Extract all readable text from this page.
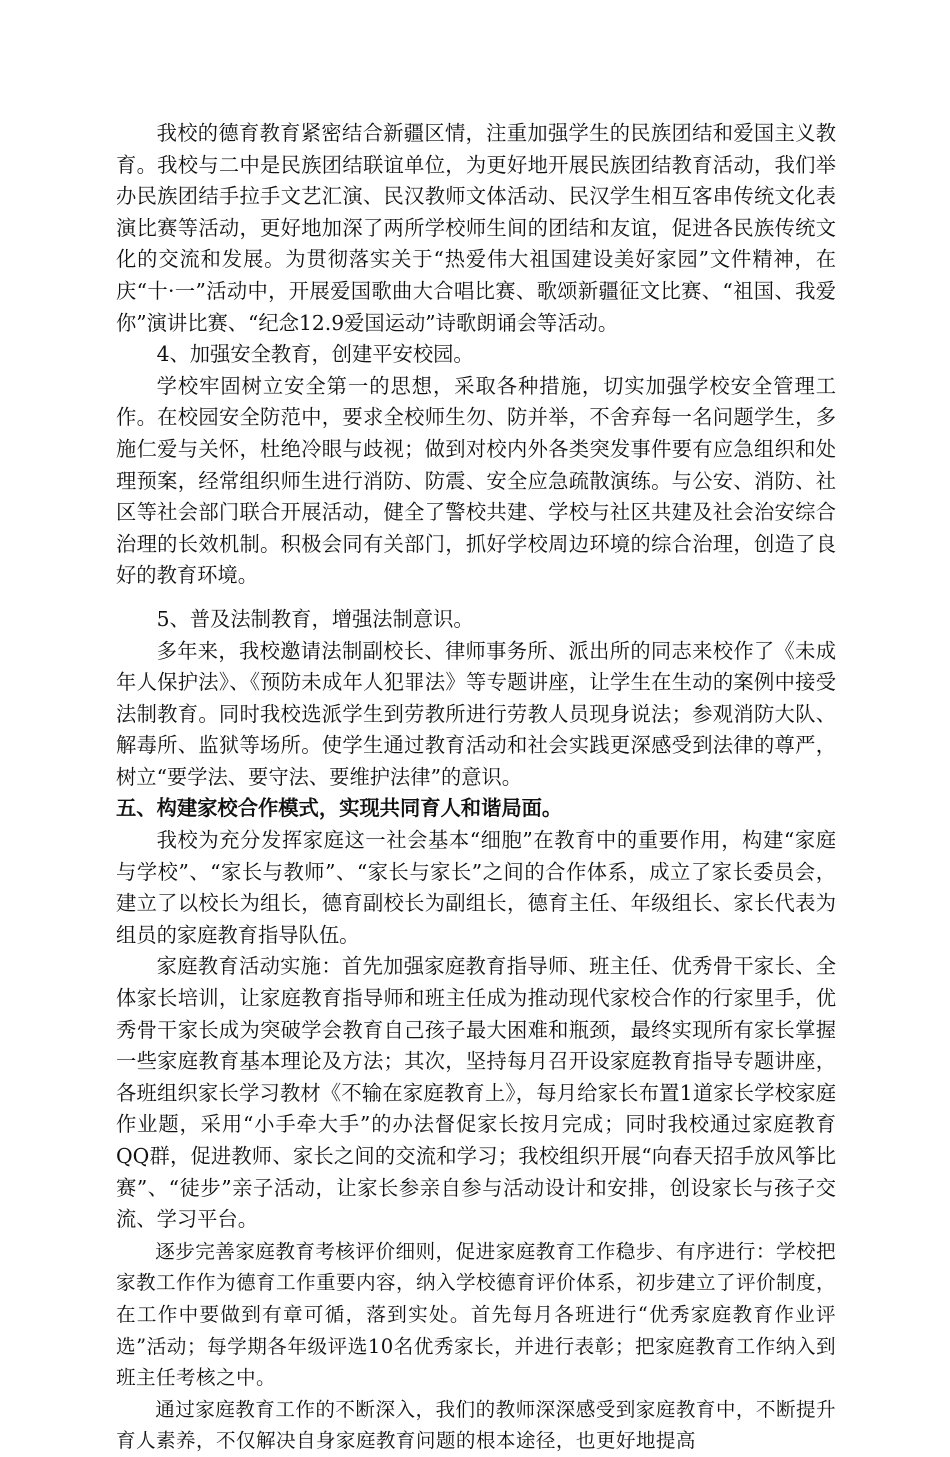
我校的德育教育紧密结合新疆区情，注重加强学生的民族团结和爱国主义教育。我校与二中是民族团结联谊单位，为更好地开展民族团结教育活动，我们举办民族团结手拉手文艺汇演、民汉教师文体活动、民汉学生相互客串传统文化表演比赛等活动，更好地加深了两所学校师生间的团结和友谊，促进各民族传统文化的交流和发展。为贯彻落实关于“热爱伟大祖国建设美好家园”文件精神，在庆“十·一”活动中，开展爱国歌曲大合唱比赛、歌颂新疆征文比赛、“祖国、我爱你”演讲比赛、“纪念12.9爱国运动”诗歌朗诵会等活动。

4、加强安全教育，创建平安校园。

学校牢固树立安全第一的思想，采取各种措施，切实加强学校安全管理工作。在校园安全防范中，要求全校师生勿、防并举，不舍弃每一名问题学生，多施仁爱与关怀，杜绝冷眼与歧视；做到对校内外各类突发事件要有应急组织和处理预案，经常组织师生进行消防、防震、安全应急疏散演练。与公安、消防、社区等社会部门联合开展活动，健全了警校共建、学校与社区共建及社会治安综合治理的长效机制。积极会同有关部门，抓好学校周边环境的综合治理，创造了良好的教育环境。

5、普及法制教育，增强法制意识。

多年来，我校邀请法制副校长、律师事务所、派出所的同志来校作了《未成年人保护法》、《预防未成年人犯罪法》等专题讲座，让学生在生动的案例中接受法制教育。同时我校选派学生到劳教所进行劳教人员现身说法；参观消防大队、解毒所、监狱等场所。使学生通过教育活动和社会实践更深感受到法律的尊严，树立“要学法、要守法、要维护法律”的意识。

五、构建家校合作模式，实现共同育人和谐局面。

我校为充分发挥家庭这一社会基本“细胞”在教育中的重要作用，构建“家庭与学校”、“家长与教师”、“家长与家长”之间的合作体系，成立了家长委员会，建立了以校长为组长，德育副校长为副组长，德育主任、年级组长、家长代表为组员的家庭教育指导队伍。

家庭教育活动实施：首先加强家庭教育指导师、班主任、优秀骨干家长、全体家长培训，让家庭教育指导师和班主任成为推动现代家校合作的行家里手，优秀骨干家长成为突破学会教育自己孩子最大困难和瓶颈，最终实现所有家长掌握一些家庭教育基本理论及方法；其次，坚持每月召开设家庭教育指导专题讲座，各班组织家长学习教材《不输在家庭教育上》，每月给家长布置1道家长学校家庭作业题，采用“小手牵大手”的办法督促家长按月完成；同时我校通过家庭教育QQ群，促进教师、家长之间的交流和学习；我校组织开展“向春天招手放风筝比赛”、“徒步”亲子活动，让家长参亲自参与活动设计和安排，创设家长与孩子交流、学习平台。

逐步完善家庭教育考核评价细则，促进家庭教育工作稳步、有序进行：学校把家教工作作为德育工作重要内容，纳入学校德育评价体系，初步建立了评价制度，在工作中要做到有章可循，落到实处。首先每月各班进行“优秀家庭教育作业评选”活动；每学期各年级评选10名优秀家长，并进行表彰；把家庭教育工作纳入到班主任考核之中。

通过家庭教育工作的不断深入，我们的教师深深感受到家庭教育中，不断提升育人素养，不仅解决自身家庭教育问题的根本途径，也更好地提高
